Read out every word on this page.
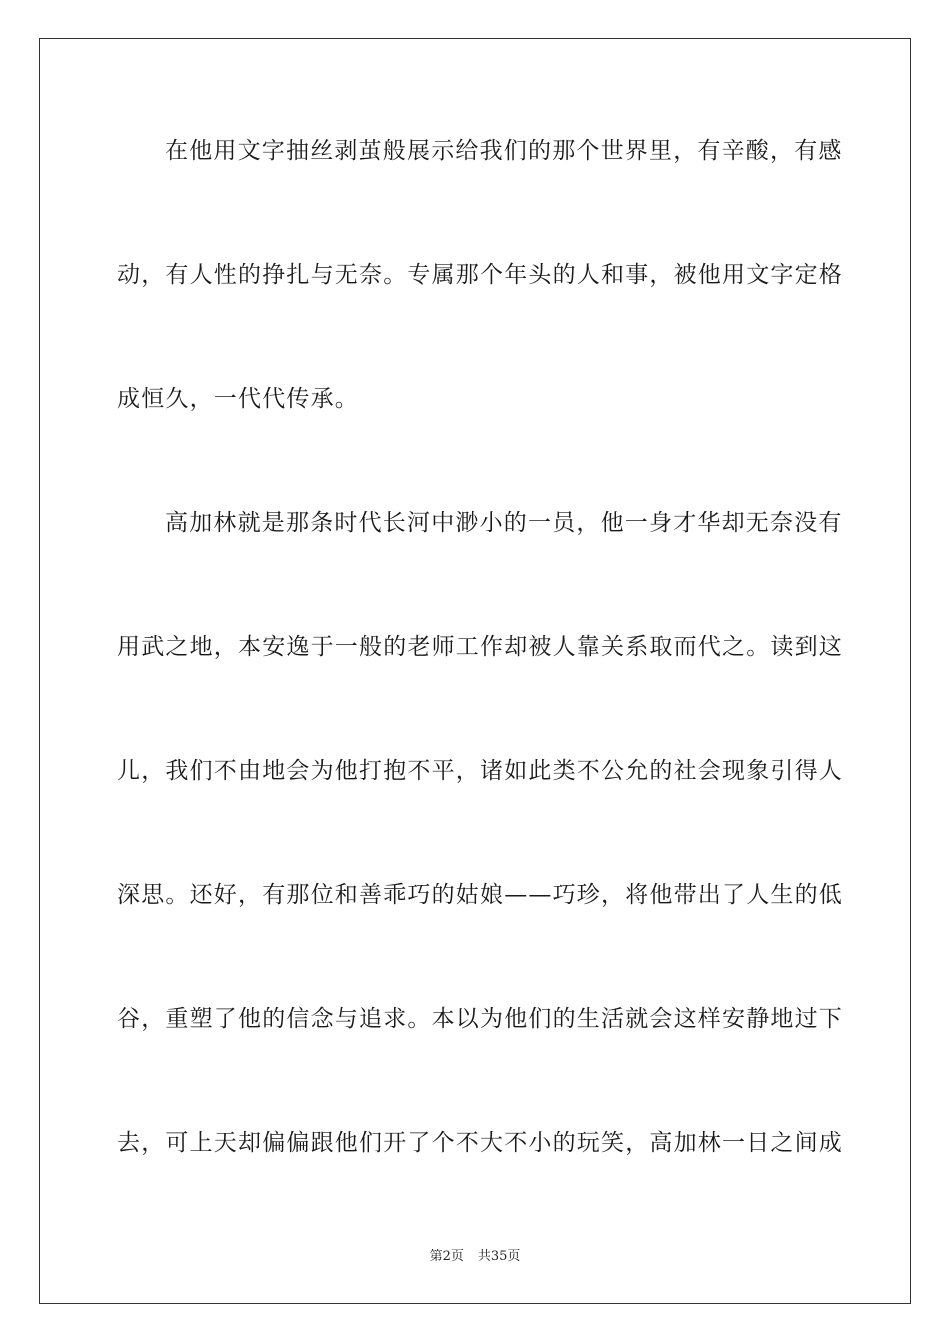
在他用文字抽丝剥茧般展示给我们的那个世界里，有辛酸，有感
动，有人性的挣扎与无奈。专属那个年头的人和事，被他用文字定格
成恒久，一代代传承。
高加林就是那条时代长河中渺小的一员，他一身才华却无奈没有
用武之地，本安逸于一般的老师工作却被人靠关系取而代之。读到这
儿，我们不由地会为他打抱不平，诸如此类不公允的社会现象引得人
深思。还好，有那位和善乖巧的姑娘——巧珍，将他带出了人生的低
谷，重塑了他的信念与追求。本以为他们的生活就会这样安静地过下
去，可上天却偏偏跟他们开了个不大不小的玩笑，高加林一日之间成
第2页 共35页
